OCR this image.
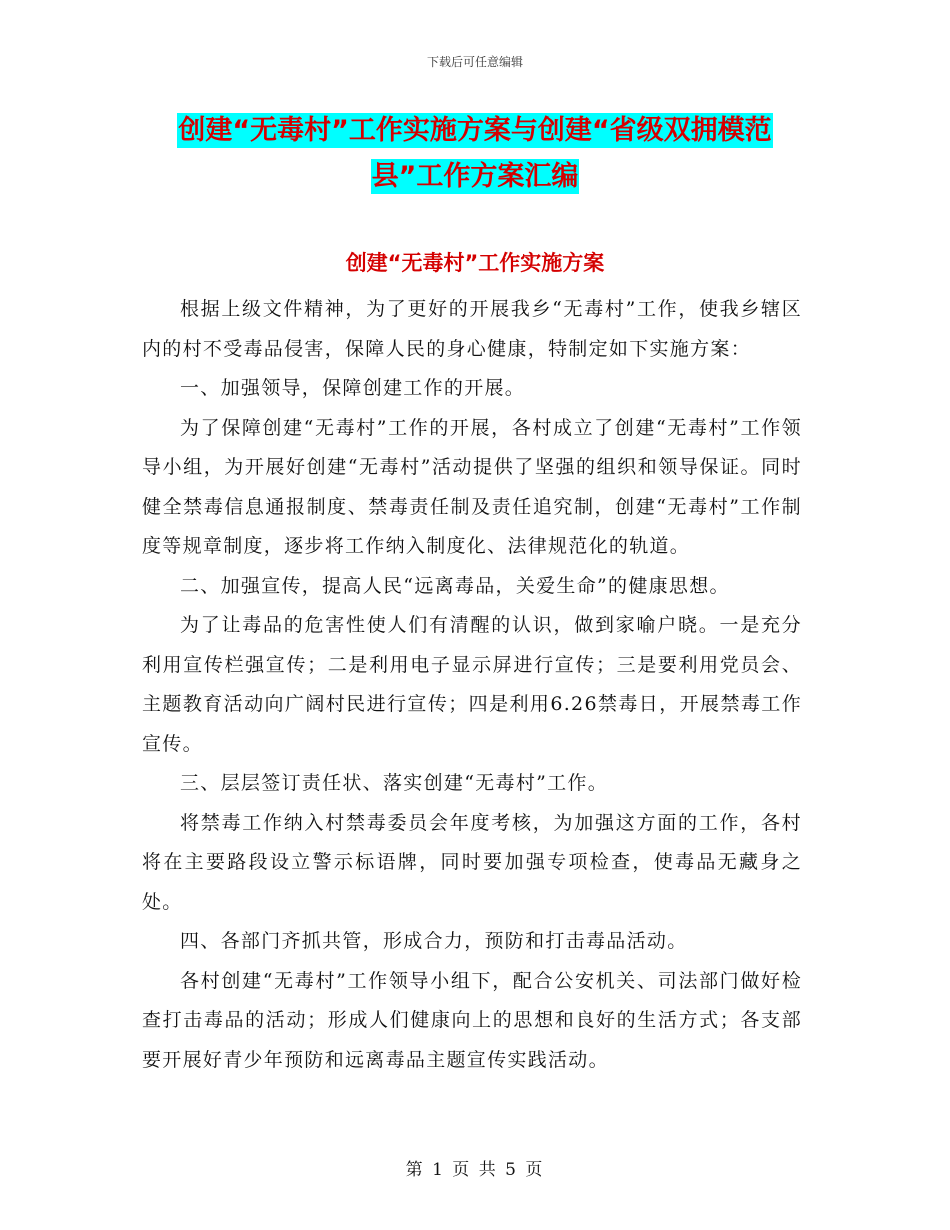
下载后可任意编辑
创建“无毒村”工作实施方案与创建“省级双拥模范
县”工作方案汇编
创建“无毒村”工作实施方案

根据上级文件精神，为了更好的开展我乡“无毒村”工作，使我乡辖区内的村不受毒品侵害，保障人民的身心健康，特制定如下实施方案：

一、加强领导，保障创建工作的开展。

为了保障创建“无毒村”工作的开展，各村成立了创建“无毒村”工作领导小组，为开展好创建“无毒村”活动提供了坚强的组织和领导保证。同时健全禁毒信息通报制度、禁毒责任制及责任追究制，创建“无毒村”工作制度等规章制度，逐步将工作纳入制度化、法律规范化的轨道。

二、加强宣传，提高人民“远离毒品，关爱生命”的健康思想。

为了让毒品的危害性使人们有清醒的认识，做到家喻户晓。一是充分利用宣传栏强宣传；二是利用电子显示屏进行宣传；三是要利用党员会、主题教育活动向广阔村民进行宣传；四是利用6.26禁毒日，开展禁毒工作宣传。

三、层层签订责任状、落实创建“无毒村”工作。

将禁毒工作纳入村禁毒委员会年度考核，为加强这方面的工作，各村将在主要路段设立警示标语牌，同时要加强专项检查，使毒品无藏身之处。

四、各部门齐抓共管，形成合力，预防和打击毒品活动。

各村创建“无毒村”工作领导小组下，配合公安机关、司法部门做好检查打击毒品的活动；形成人们健康向上的思想和良好的生活方式；各支部要开展好青少年预防和远离毒品主题宣传实践活动。

第 1 页 共 5 页
